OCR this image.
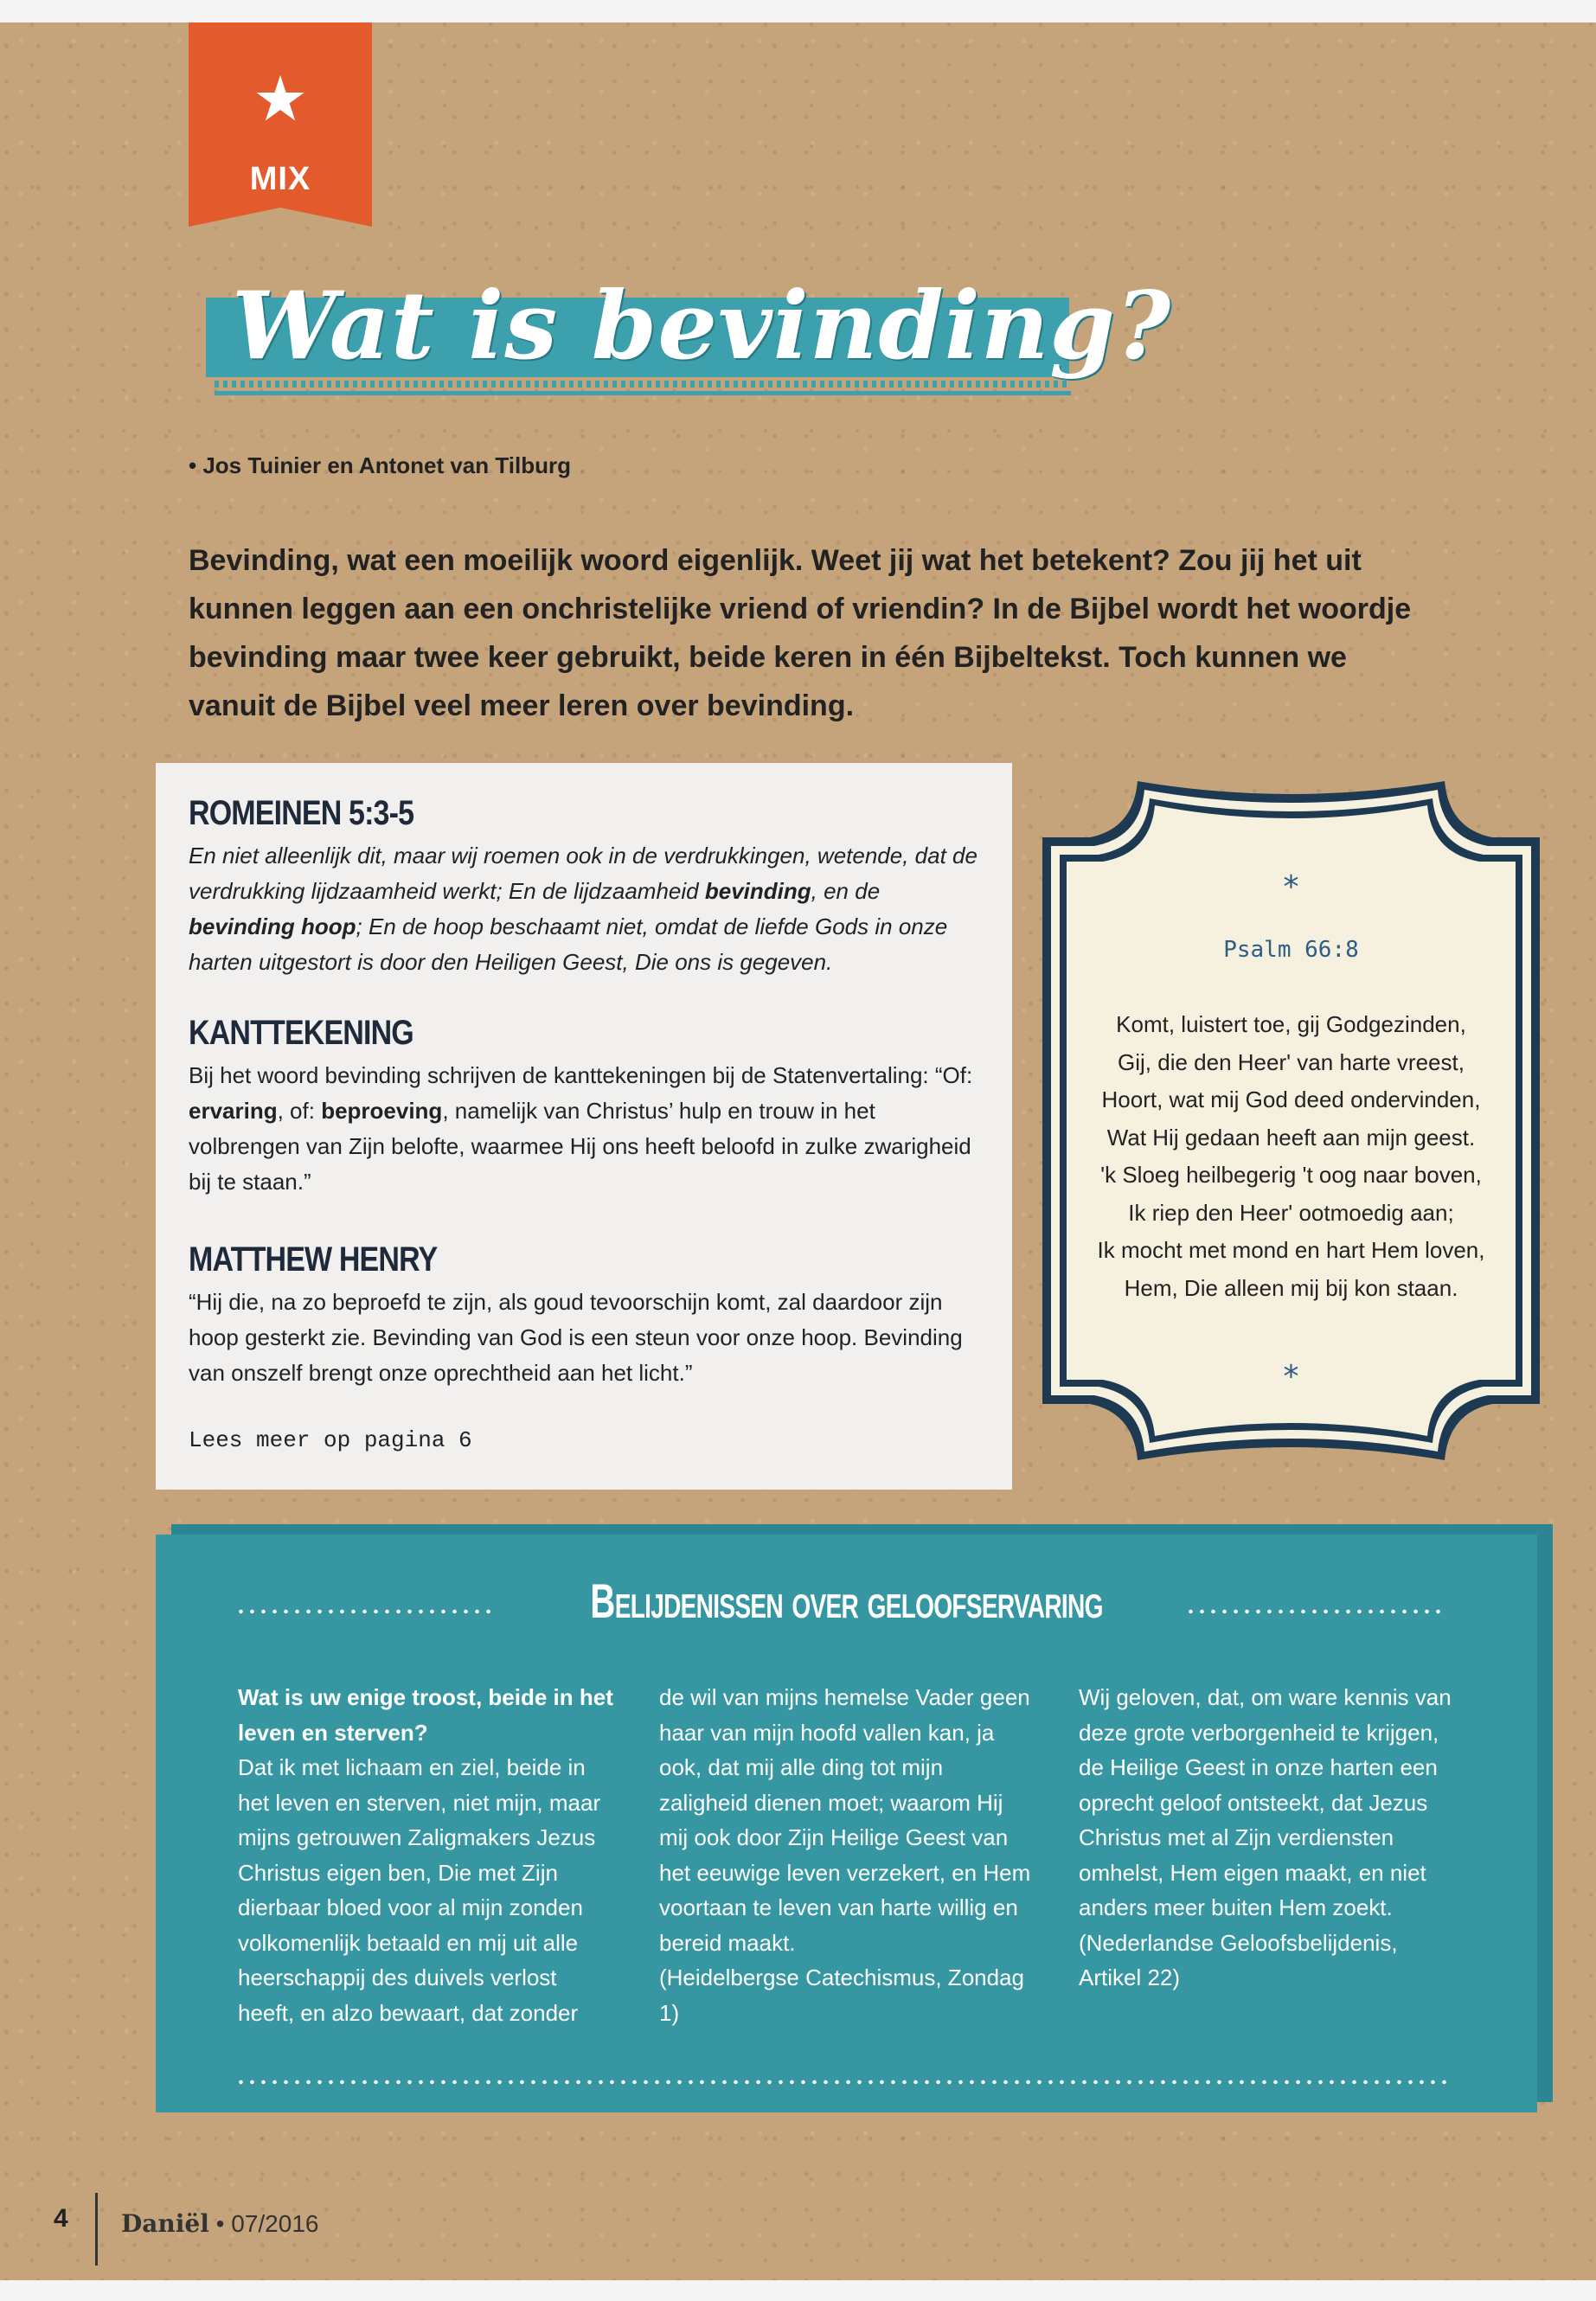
★
MIX
Wat is bevinding?
• Jos Tuinier en Antonet van Tilburg

Bevinding, wat een moeilijk woord eigenlijk. Weet jij wat het betekent? Zou jij het uit kunnen leggen aan een onchristelijke vriend of vriendin? In de Bijbel wordt het woordje bevinding maar twee keer gebruikt, beide keren in één Bijbeltekst. Toch kunnen we vanuit de Bijbel veel meer leren over bevinding.

ROMEINEN 5:3-5

En niet alleenlijk dit, maar wij roemen ook in de verdrukkingen, wetende, dat de verdrukking lijdzaamheid werkt; En de lijdzaamheid bevinding, en de bevinding hoop; En de hoop beschaamt niet, omdat de liefde Gods in onze harten uitgestort is door den Heiligen Geest, Die ons is gegeven.

KANTTEKENING

Bij het woord bevinding schrijven de kanttekeningen bij de Statenvertaling: “Of: ervaring, of: beproeving, namelijk van Christus’ hulp en trouw in het volbrengen van Zijn belofte, waarmee Hij ons heeft beloofd in zulke zwarigheid bij te staan.”

MATTHEW HENRY

“Hij die, na zo beproefd te zijn, als goud tevoorschijn komt, zal daardoor zijn hoop gesterkt zie. Bevinding van God is een steun voor onze hoop. Bevinding van onszelf brengt onze oprechtheid aan het licht.”

Lees meer op pagina 6
*
Psalm 66:8
Komt, luistert toe, gij Godgezinden,
Gij, die den Heer' van harte vreest,
Hoort, wat mij God deed ondervinden,
Wat Hij gedaan heeft aan mijn geest.
'k Sloeg heilbegerig 't oog naar boven,
Ik riep den Heer' ootmoedig aan;
Ik mocht met mond en hart Hem loven,
Hem, Die alleen mij bij kon staan.
*
Belijdenissen over geloofservaring
Wat is uw enige troost, beide in het leven en sterven?
Dat ik met lichaam en ziel, beide in het leven en sterven, niet mijn, maar mijns getrouwen Zaligmakers Jezus Christus eigen ben, Die met Zijn dierbaar bloed voor al mijn zonden volkomenlijk betaald en mij uit alle heerschappij des duivels verlost heeft, en alzo bewaart, dat zonder
de wil van mijns hemelse Vader geen haar van mijn hoofd vallen kan, ja ook, dat mij alle ding tot mijn zaligheid dienen moet; waarom Hij mij ook door Zijn Heilige Geest van het eeuwige leven verzekert, en Hem voortaan te leven van harte willig en bereid maakt.
(Heidelbergse Catechismus, Zondag 1)
Wij geloven, dat, om ware kennis van deze grote verborgenheid te krijgen, de Heilige Geest in onze harten een oprecht geloof ontsteekt, dat Jezus Christus met al Zijn verdiensten omhelst, Hem eigen maakt, en niet anders meer buiten Hem zoekt.
(Nederlandse Geloofsbelijdenis, Artikel 22)
4 Daniël • 07/2016
